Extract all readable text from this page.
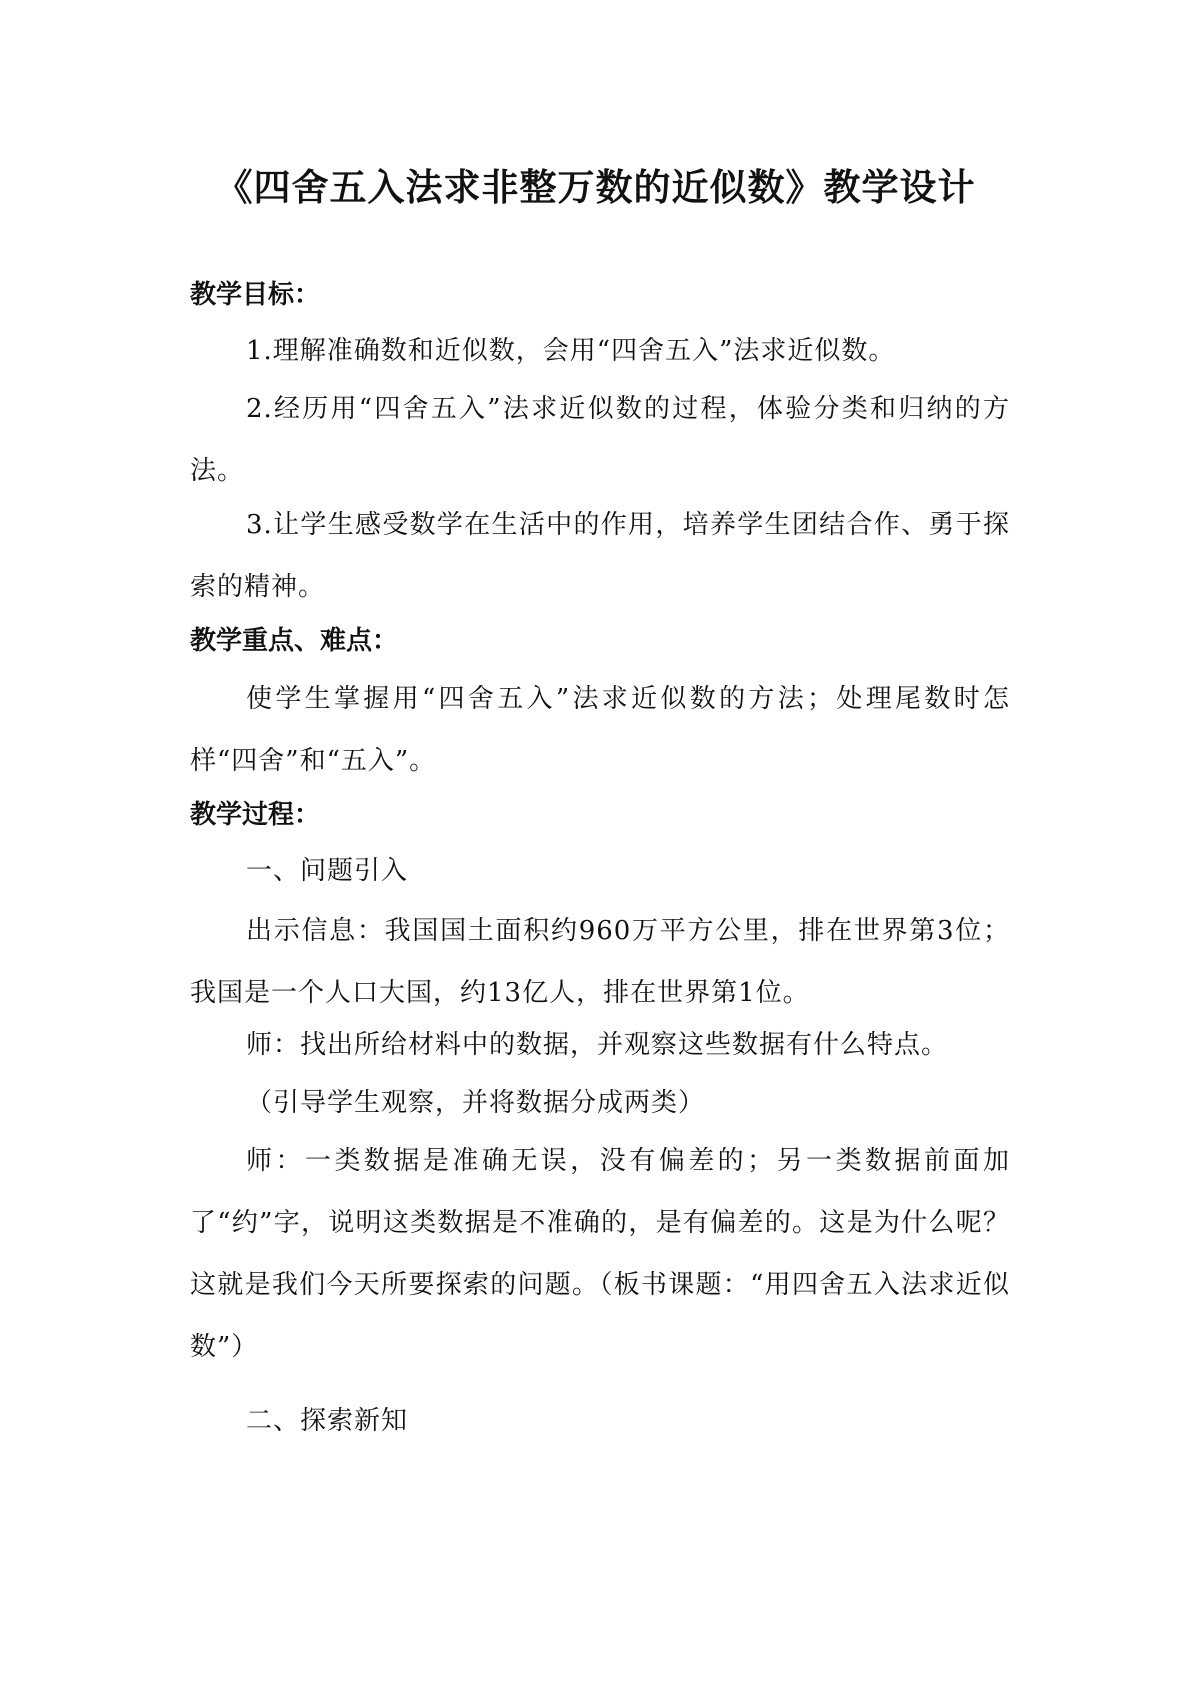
《四舍五入法求非整万数的近似数》教学设计
教学目标：
1.理解准确数和近似数，会用“四舍五入”法求近似数。
2.经历用“四舍五入”法求近似数的过程，体验分类和归纳的方法。
3.让学生感受数学在生活中的作用，培养学生团结合作、勇于探索的精神。
教学重点、难点：
使学生掌握用“四舍五入”法求近似数的方法；处理尾数时怎样“四舍”和“五入”。
教学过程：
一、问题引入
出示信息：我国国土面积约960万平方公里，排在世界第3位；我国是一个人口大国，约13亿人，排在世界第1位。
师：找出所给材料中的数据，并观察这些数据有什么特点。
（引导学生观察，并将数据分成两类）
师：一类数据是准确无误，没有偏差的；另一类数据前面加了“约”字，说明这类数据是不准确的，是有偏差的。这是为什么呢？这就是我们今天所要探索的问题。（板书课题：“用四舍五入法求近似数”）
二、探索新知
